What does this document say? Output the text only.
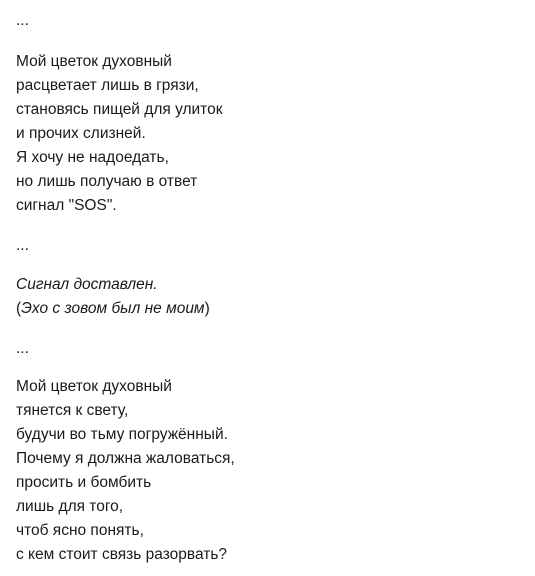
...
Мой цветок духовный
расцветает лишь в грязи,
становясь пищей для улиток
и прочих слизней.
Я хочу не надоедать,
но лишь получаю в ответ
сигнал "SOS".
...
Сигнал доставлен.
(Эхо с зовом был не моим)
...
Мой цветок духовный
тянется к свету,
будучи во тьму погружённый.
Почему я должна жаловаться,
просить и бомбить
лишь для того,
чтоб ясно понять,
с кем стоит связь разорвать?
